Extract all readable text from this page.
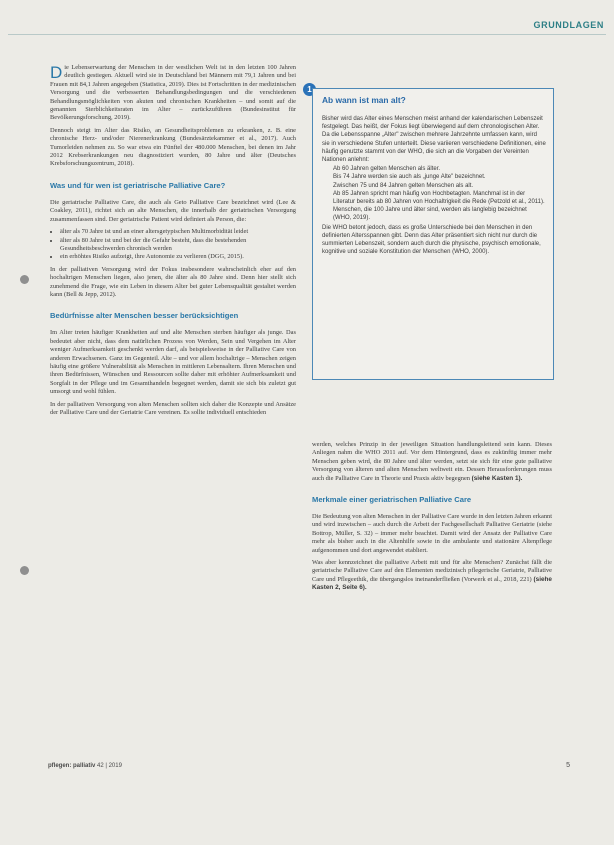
GRUNDLAGEN

Die Lebenserwartung der Menschen in der westlichen Welt ist in den letzten 100 Jahren deutlich gestiegen. Aktuell wird sie in Deutschland bei Männern mit 79,1 Jahren und bei Frauen mit 84,1 Jahren angegeben (Statistica, 2019). Dies ist Fortschritten in der medizinischen Versorgung und die verbesserten Behandlungsbedingungen und die verschiedenen Behandlungsmöglichkeiten von akuten und chronischen Krankheiten – und somit auf die genannten Sterblichkeitsraten im Alter – zurückzuführen (Bundesinstitut für Bevölkerungsforschung, 2019).

Dennoch steigt im Alter das Risiko, an Gesundheitsproblemen zu erkranken, z. B. eine chronische Herz- und/oder Nierenerkrankung (Bundesärztekammer et al., 2017). Auch Tumorleiden nehmen zu. So war etwa ein Fünftel der 480.000 Menschen, bei denen im Jahr 2012 Krebserkrankungen neu diagnostiziert wurden, 80 Jahre und älter (Deutsches Krebsforschungszentrum, 2018).

Was und für wen ist geriatrische Palliative Care?

Die geriatrische Palliative Care, die auch als Geto Palliative Care bezeichnet wird (Lee & Coakley, 2011), richtet sich an alte Menschen, die innerhalb der geriatrischen Versorgung zusammenfassen sind. Der geriatrische Patient wird definiert als Person, die:

• älter als 70 Jahre ist und an einer altersgetypischen Multimorbidität leidet
• älter als 80 Jahre ist und bei der die Gefahr besteht, dass die bestehenden Gesundheitsbeschwerden chronisch werden
• ein erhöhtes Risiko aufzeigt, ihre Autonomie zu verlieren (DGG, 2015).

In der palliativen Versorgung wird der Fokus insbesondere wahrscheinlich eher auf den hochaltrigen Menschen liegen, also jenen, die älter als 80 Jahre sind. Denn hier stellt sich zunehmend die Frage, wie ein Leben in diesem Alter bei guter Lebensqualität gestaltet werden kann (Bell & Jepp, 2012).

Bedürfnisse alter Menschen besser berücksichtigen

Im Alter treten häufiger Krankheiten auf und alte Menschen sterben häufiger als junge. Das bedeutet aber nicht, dass dem natürlichen Prozess von Werden, Sein und Vergehen im Alter weniger Aufmerksamkeit geschenkt werden darf, als beispielsweise in der Palliative Care von anderen Erwachsenen. Ganz im Gegenteil. Alte – und vor allem hochaltrige – Menschen zeigen häufig eine größere Vulnerabilität als Menschen in mittleren Lebensaltern. Ihren Menschen und ihren Bedürfnissen, Wünschen und Ressourcen sollte daher mit erhöhter Aufmerksamkeit und Sorgfalt in der Pflege und im Gesamthandeln begegnet werden, damit sie sich bis zuletzt gut umsorgt und wohl fühlen.

In der palliativen Versorgung von alten Menschen sollten sich daher die Konzepte und Ansätze der Palliative Care und der Geriatrie Care vereinen. Es sollte individuell entschieden

1
Ab wann ist man alt?

Bisher wird das Alter eines Menschen meist anhand der kalendarischen Lebenszeit festgelegt. Das heißt, der Fokus liegt überwiegend auf dem chronologischen Alter. Da die Lebensspanne „Alter" zwischen mehrere Jahrzehnte umfassen kann, wird sie in verschiedene Stufen unterteilt. Diese variieren verschiedene Definitionen, eine häufig genutzte stammt von der WHO, die sich an die Vorgaben der Vereinten Nationen anlehnt:

Ab 60 Jahren gelten Menschen als älter.
Bis 74 Jahre werden sie auch als „junge Alte" bezeichnet.
Zwischen 75 und 84 Jahren gelten Menschen als alt.
Ab 85 Jahren spricht man häufig von Hochbetagten. Manchmal ist in der Literatur bereits ab 80 Jahren von Hochaltrigkeit die Rede (Petzold et al., 2011).
Menschen, die 100 Jahre und älter sind, werden als langlebig bezeichnet (WHO, 2019).

Die WHO betont jedoch, dass es große Unterschiede bei den Menschen in den definierten Altersspannen gibt. Denn das Alter präsentiert sich nicht nur durch die summierten Lebenszeit, sondern auch durch die physische, psychisch emotionale, kognitive und soziale Konstitution der Menschen (WHO, 2000).

werden, welches Prinzip in der jeweiligen Situation handlungsleitend sein kann. Dieses Anliegen nahm die WHO 2011 auf. Vor dem Hintergrund, dass es zukünftig immer mehr Menschen geben wird, die 80 Jahre und älter werden, setzt sie sich für eine gute palliative Versorgung von älteren und alten Menschen weltweit ein. Dessen Herausforderungen muss auch die Palliative Care in Theorie und Praxis aktiv begegnen (siehe Kasten 1).

Merkmale einer geriatrischen Palliative Care

Die Bedeutung von alten Menschen in der Palliative Care wurde in den letzten Jahren erkannt und wird inzwischen – auch durch die Arbeit der Fachgesellschaft Palliative Geriatrie (siehe Bottrop, Müller, S. 32) – immer mehr beachtet. Damit wird der Ansatz der Palliative Care mehr als bisher auch in die Altenhilfe sowie in die ambulante und stationäre Altenpflege aufgenommen und dort angewendet etabliert.

Was aber kennzeichnet die palliative Arbeit mit und für alte Menschen? Zunächst fällt die geriatrische Palliative Care auf den Elementen medizinisch pflegerische Geriatrie, Palliative Care und Pflegeethik, die übergangslos ineinanderfließen (Vorwerk et al., 2018, 221) (siehe Kasten 2, Seite 6).

pflegen: palliativ 42 | 2019	5
